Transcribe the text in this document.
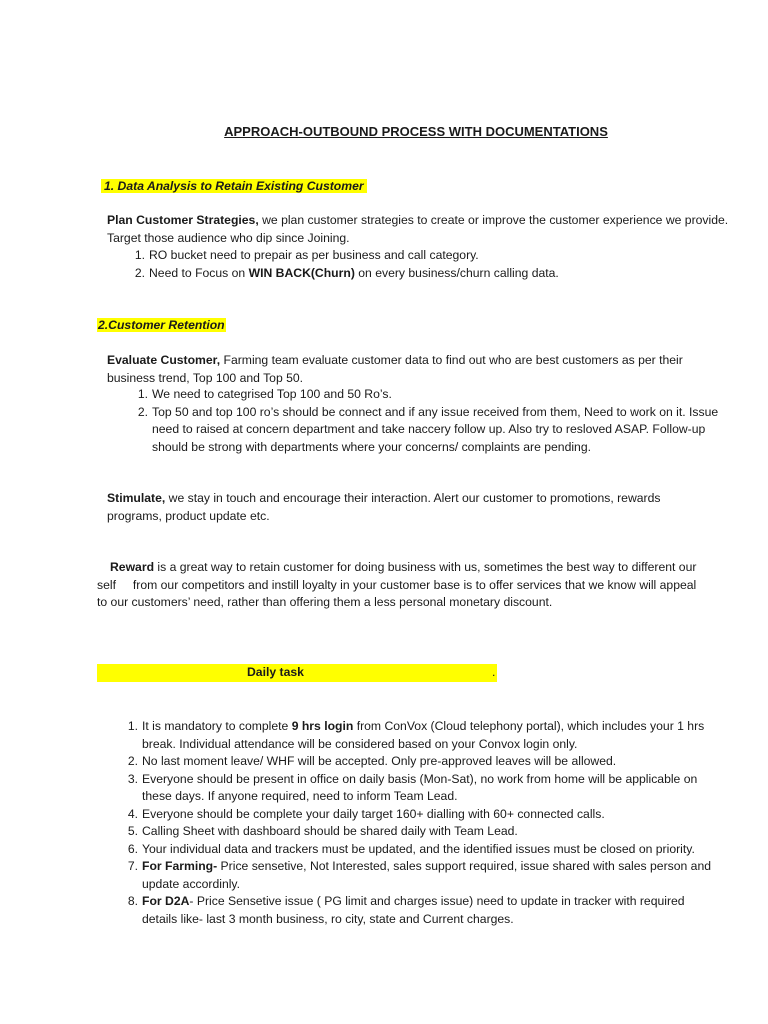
APPROACH-OUTBOUND PROCESS WITH DOCUMENTATIONS
1. Data Analysis to Retain Existing Customer
Plan Customer Strategies, we plan customer strategies to create or improve the customer experience we provide.
Target those audience who dip since Joining.
1. RO bucket need to prepair as per business and call category.
2. Need to Focus on WIN BACK(Churn) on every business/churn calling data.
2.Customer Retention
Evaluate Customer, Farming team evaluate customer data to find out who are best customers as per their
business trend, Top 100 and Top 50.
1. We need to categrised Top 100 and 50 Ro’s.
2. Top 50 and top 100 ro’s should be connect and if any issue received from them, Need to work on it. Issue
need to raised at concern department and take naccery follow up. Also try to resloved ASAP. Follow-up
should be strong with departments where your concerns/ complaints are pending.
Stimulate, we stay in touch and encourage their interaction. Alert our customer to promotions, rewards
programs, product update etc.
Reward is a great way to retain customer for doing business with us, sometimes the best way to different our
self     from our competitors and instill loyalty in your customer base is to offer services that we know will appeal
to our customers’ need, rather than offering them a less personal monetary discount.
Daily task	.
1. It is mandatory to complete 9 hrs login from ConVox (Cloud telephony portal), which includes your 1 hrs
break. Individual attendance will be considered based on your Convox login only.
2. No last moment leave/ WHF will be accepted. Only pre-approved leaves will be allowed.
3. Everyone should be present in office on daily basis (Mon-Sat), no work from home will be applicable on
these days. If anyone required, need to inform Team Lead.
4. Everyone should be complete your daily target 160+ dialling with 60+ connected calls.
5. Calling Sheet with dashboard should be shared daily with Team Lead.
6. Your individual data and trackers must be updated, and the identified issues must be closed on priority.
7. For Farming- Price sensetive, Not Interested, sales support required, issue shared with sales person and
update accordinly.
8. For D2A- Price Sensetive issue ( PG limit and charges issue) need to update in tracker with required
details like- last 3 month business, ro city, state and Current charges.
